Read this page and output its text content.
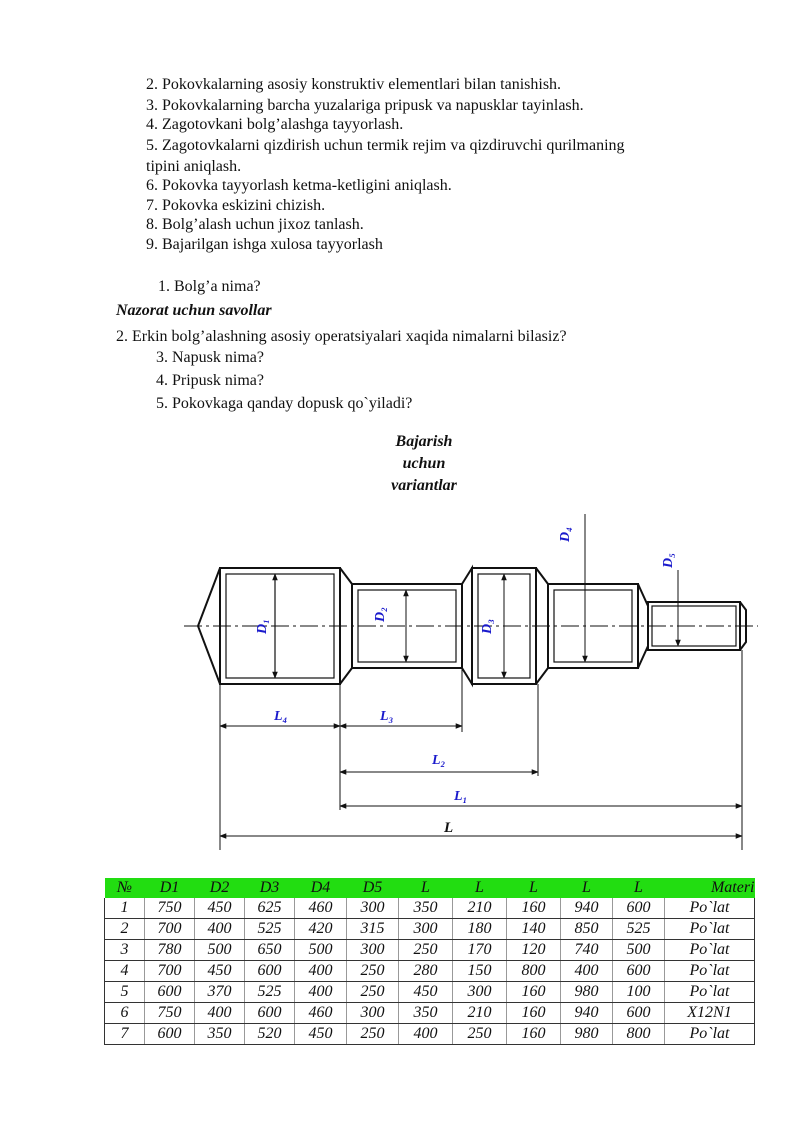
2. Pokovkalarning asosiy konstruktiv elementlari bilan tanishish.
3. Pokovkalarning barcha yuzalariga pripusk va napusklar tayinlash.
4. Zagotovkani bolg’alashga tayyorlash.
5. Zagotovkalarni qizdirish uchun termik rejim va qizdiruvchi qurilmaning
tipini aniqlash.
6. Pokovka tayyorlash ketma-ketligini aniqlash.
7. Pokovka eskizini chizish.
8. Bolg’alash uchun jixoz tanlash.
9. Bajarilgan ishga xulosa tayyorlash
1. Bolg’a nima?
Nazorat uchun savollar
2. Erkin bolg’alashning asosiy operatsiyalari xaqida nimalarni bilasiz?
3. Napusk nima?
4. Pripusk nima?
5. Pokovkaga qanday dopusk qo`yiladi?
Bajarish
uchun
variantlar
D₁
D₂
D₃
D₄
D₅
L₄	L₃
L₂
L₁
L
№	D1	D2	D3	D4	D5	L	L	L	L	L	Materi
1	750	450	625	460	300	350	210	160	940	600	Po`lat
2	700	400	525	420	315	300	180	140	850	525	Po`lat
3	780	500	650	500	300	250	170	120	740	500	Po`lat
4	700	450	600	400	250	280	150	800	400	600	Po`lat
5	600	370	525	400	250	450	300	160	980	100	Po`lat
6	750	400	600	460	300	350	210	160	940	600	X12N1
7	600	350	520	450	250	400	250	160	980	800	Po`lat
